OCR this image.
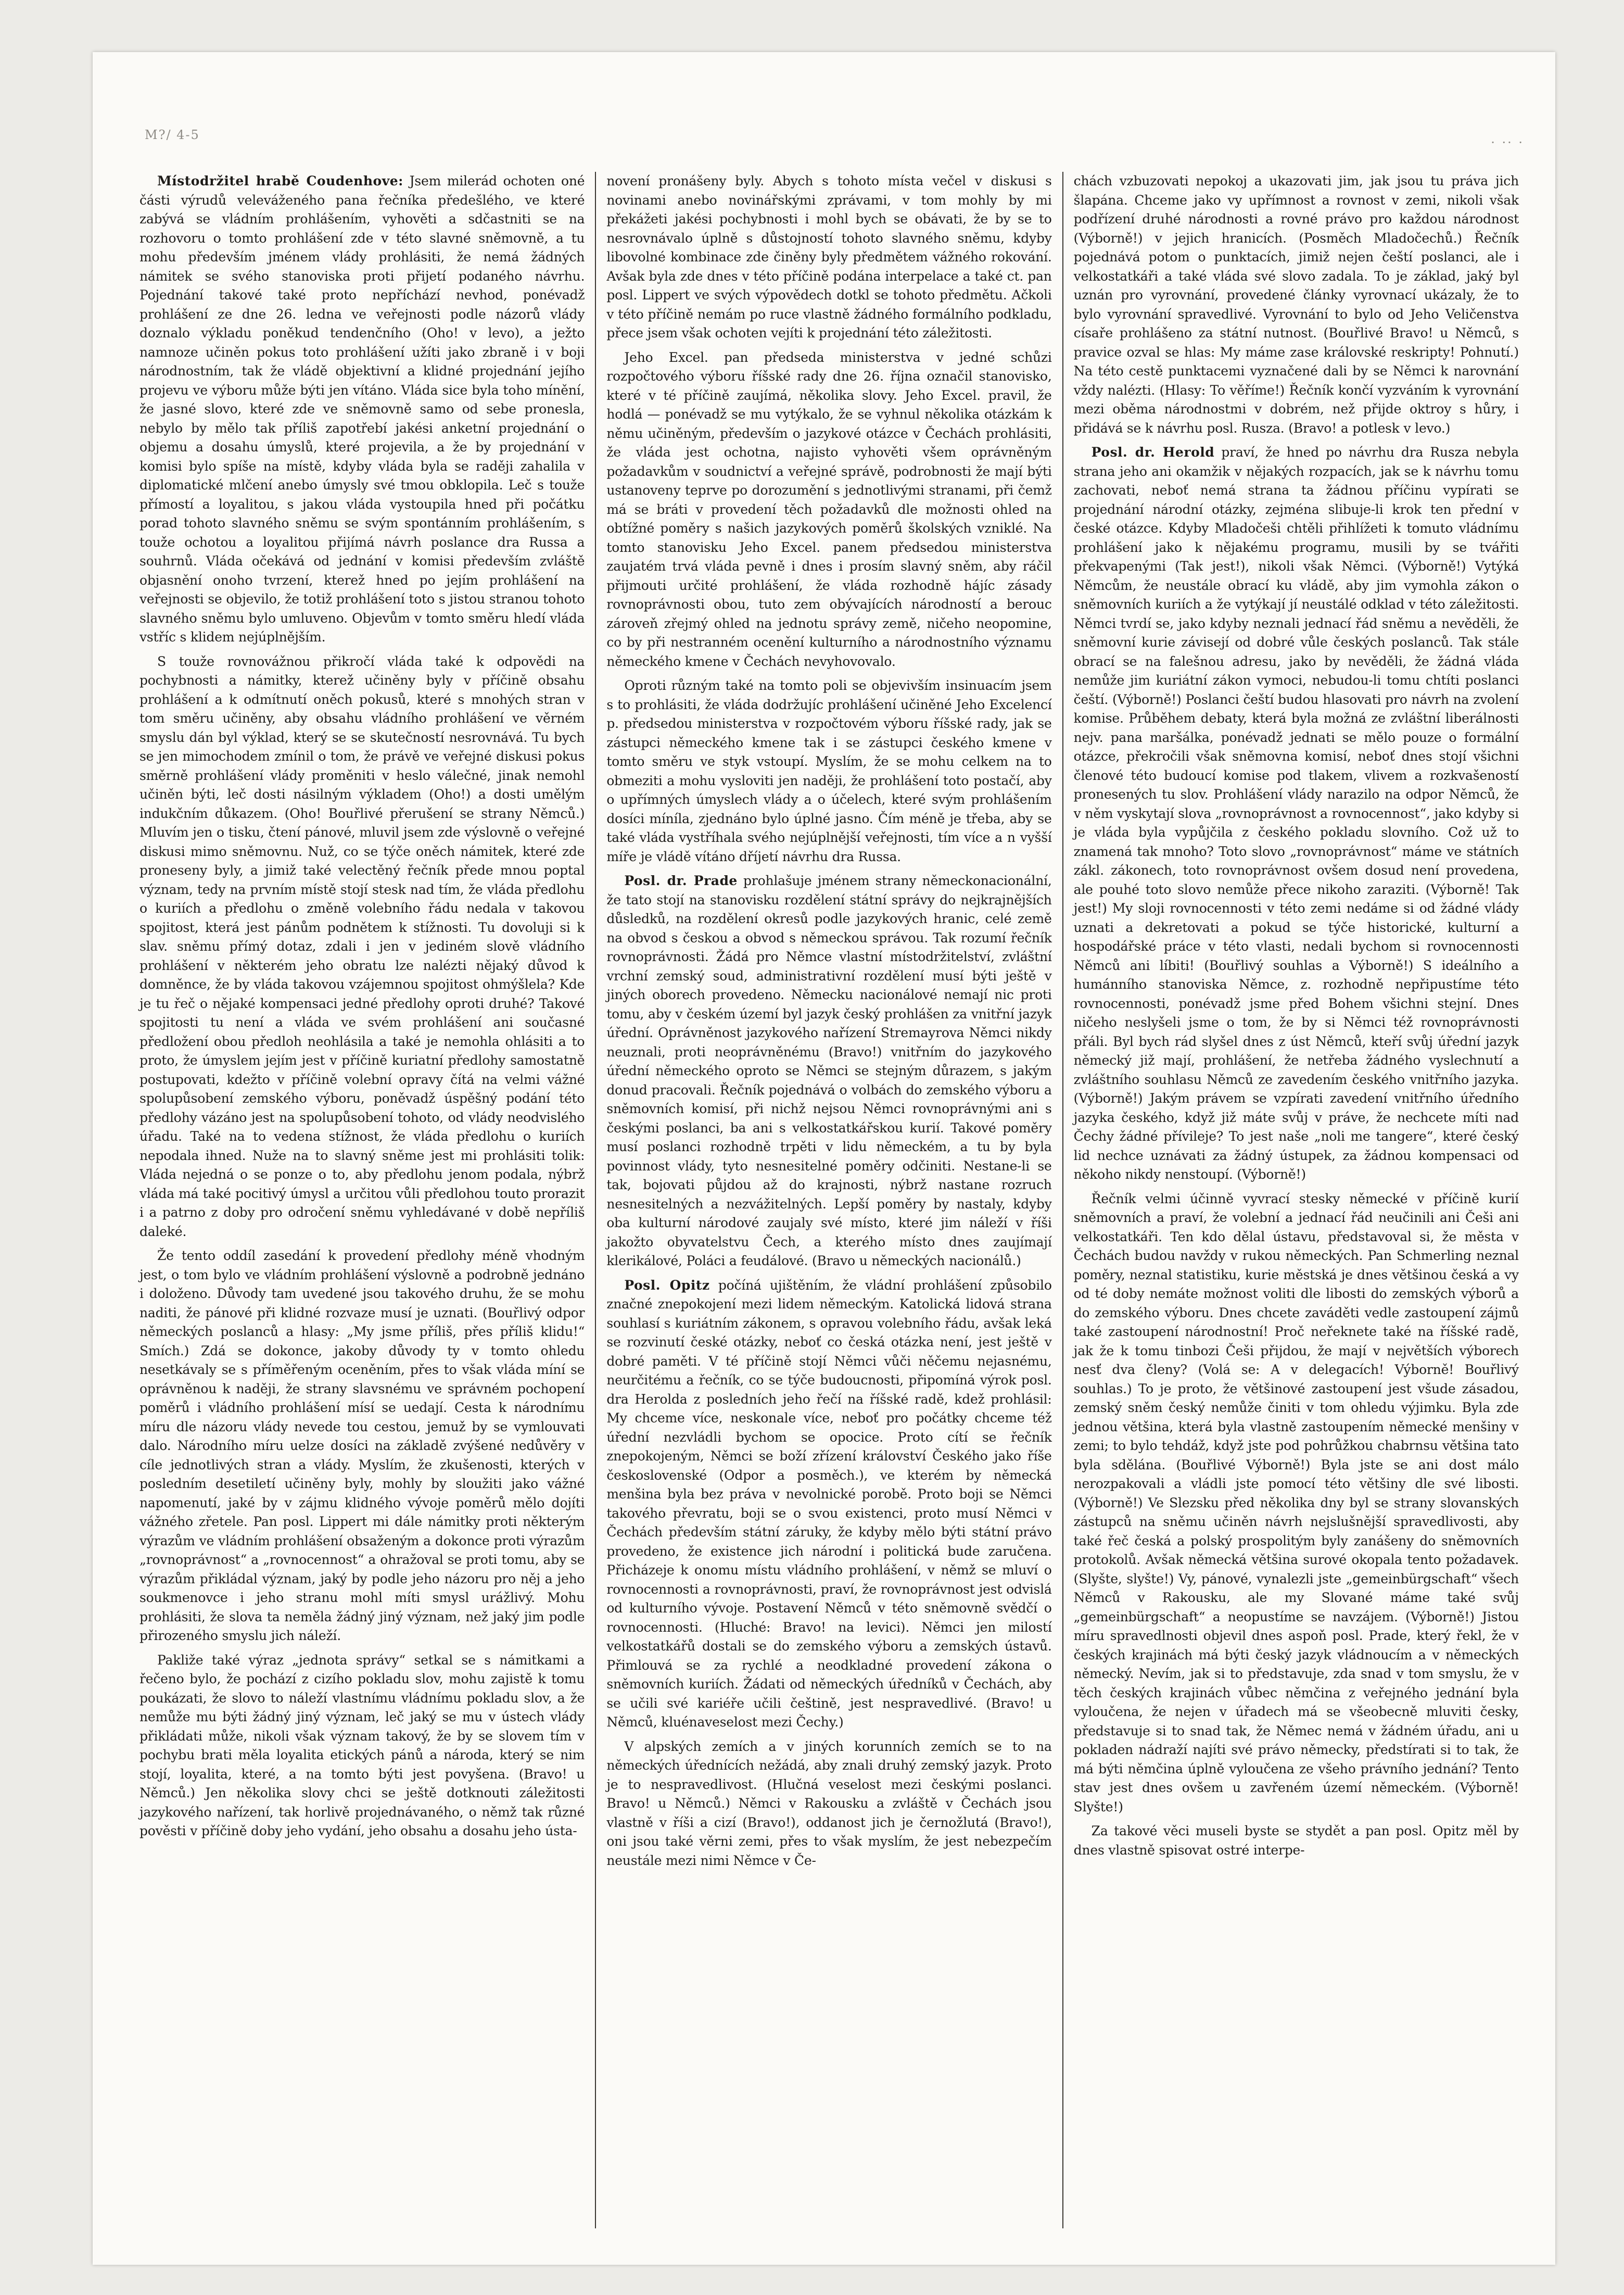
M?/ 4-5
· ·· ·

Místodržitel hrabě Coudenhove: Jsem milerád ochoten oné části výrudů veleváženého pana řečníka předešlého, ve které zabývá se vládním prohlášením, vyhověti a sdčastniti se na rozhovoru o tomto prohlášení zde v této slavné sněmovně, a tu mohu především jménem vlády prohlásiti, že nemá žádných námitek se svého stanoviska proti přijetí podaného návrhu. Pojednání takové také proto nepříchází nevhod, ponévadž prohlášení ze dne 26. ledna ve veřejnosti podle názorů vlády doznalo výkladu poněkud tendenčního (Oho! v levo), a ježto namnoze učiněn pokus toto prohlášení užíti jako zbraně i v boji národnostním, tak že vládě objektivní a klidné projednání jejího projevu ve výboru může býti jen vítáno. Vláda sice byla toho mínění, že jasné slovo, které zde ve sněmovně samo od sebe pronesla, nebylo by mělo tak příliš zapotřebí jakési anketní projednání o objemu a dosahu úmyslů, které projevila, a že by projednání v komisi bylo spíše na místě, kdyby vláda byla se raději zahalila v diplomatické mlčení anebo úmysly své tmou obklopila. Leč s touže přímostí a loyalitou, s jakou vláda vystoupila hned při počátku porad tohoto slavného sněmu se svým spontánním prohlášením, s touže ochotou a loyalitou přijímá návrh poslance dra Russa a souhrnů. Vláda očekává od jednání v komisi především zvláště objasnění onoho tvrzení, kterež hned po jejím prohlášení na veřejnosti se objevilo, že totiž prohlášení toto s jistou stranou tohoto slavného sněmu bylo umluveno. Objevům v tomto směru hledí vláda vstříc s klidem nejúplnějším.

S touže rovnovážnou přikročí vláda také k odpovědi na pochybnosti a námitky, kterež učiněny byly v příčině obsahu prohlášení a k odmítnutí oněch pokusů, které s mnohých stran v tom směru učiněny, aby obsahu vládního prohlášení ve věrném smyslu dán byl výklad, který se se skutečností nesrovnává. Tu bych se jen mimochodem zmínil o tom, že právě ve veřejné diskusi pokus směrně prohlášení vlády proměniti v heslo válečné, jinak nemohl učiněn býti, leč dosti násilným výkladem (Oho!) a dosti umělým indukčním důkazem. (Oho! Bouřlivé přerušení se strany Němců.) Mluvím jen o tisku, čtení pánové, mluvil jsem zde výslovně o veřejné diskusi mimo sněmovnu. Nuž, co se týče oněch námitek, které zde proneseny byly, a jimiž také velectěný řečník přede mnou poptal význam, tedy na prvním místě stojí stesk nad tím, že vláda předlohu o kuriích a předlohu o změně volebního řádu nedala v takovou spojitost, která jest pánům podnětem k stížnosti. Tu dovoluji si k slav. sněmu přímý dotaz, zdali i jen v jediném slově vládního prohlášení v některém jeho obratu lze nalézti nějaký důvod k domněnce, že by vláda takovou vzájemnou spojitost ohmýšlela? Kde je tu řeč o nějaké kompensaci jedné předlohy oproti druhé? Takové spojitosti tu není a vláda ve svém prohlášení ani současné předložení obou předloh neohlásila a také je nemohla ohlásiti a to proto, že úmyslem jejím jest v příčině kuriatní předlohy samostatně postupovati, kdežto v příčině volební opravy čítá na velmi vážné spolupůsobení zemského výboru, poněvadž úspěšný podání této předlohy vázáno jest na spolupůsobení tohoto, od vlády neodvislého úřadu. Také na to vedena stížnost, že vláda předlohu o kuriích nepodala ihned. Nuže na to slavný sněme jest mi prohlásiti tolik: Vláda nejedná o se ponze o to, aby předlohu jenom podala, nýbrž vláda má také pocitivý úmysl a určitou vůli předlohou touto prorazit i a patrno z doby pro odročení sněmu vyhledávané v době nepříliš daleké.

Že tento oddíl zasedání k provedení předlohy méně vhodným jest, o tom bylo ve vládním prohlášení výslovně a podrobně jednáno i doloženo. Důvody tam uvedené jsou takového druhu, že se mohu naditi, že pánové při klidné rozvaze musí je uznati. (Bouřlivý odpor německých poslanců a hlasy: „My jsme příliš, přes příliš klidu!“ Smích.) Zdá se dokonce, jakoby důvody ty v tomto ohledu nesetkávaly se s příměřeným oceněním, přes to však vláda míní se oprávněnou k naději, že strany slavsnému ve správném pochopení poměrů i vládního prohlášení mísí se uedají. Cesta k národnímu míru dle názoru vlády nevede tou cestou, jemuž by se vymlouvati dalo. Národního míru uelze dosíci na základě zvýšené nedůvěry v cíle jednotlivých stran a vlády. Myslím, že zkušenosti, kterých v posledním desetiletí učiněny byly, mohly by sloužiti jako vážné napomenutí, jaké by v zájmu klidného vývoje poměrů mělo dojíti vážného zřetele. Pan posl. Lippert mi dále námitky proti některým výrazům ve vládním prohlášení obsaženým a dokonce proti výrazům „rovnoprávnost“ a „rovnocennost“ a ohražoval se proti tomu, aby se výrazům přikládal význam, jaký by podle jeho názoru pro něj a jeho soukmenovce i jeho stranu mohl míti smysl urážlivý. Mohu prohlásiti, že slova ta neměla žádný jiný význam, než jaký jim podle přirozeného smyslu jich náleží.

Pakliže také výraz „jednota správy“ setkal se s námitkami a řečeno bylo, že pochází z cizího pokladu slov, mohu zajistě k tomu poukázati, že slovo to náleží vlastnímu vládnímu pokladu slov, a že nemůže mu býti žádný jiný význam, leč jaký se mu v ústech vlády přikládati může, nikoli však význam takový, že by se slovem tím v pochybu brati měla loyalita etických pánů a národa, který se nim stojí, loyalita, které, a na tomto býti jest povyšena. (Bravo! u Němců.) Jen několika slovy chci se ještě dotknouti záležitosti jazykového nařízení, tak horlivě projednávaného, o němž tak různé pověsti v příčině doby jeho vydání, jeho obsahu a dosahu jeho ústa-

novení pronášeny byly. Abych s tohoto místa večel v diskusi s novinami anebo novinářskými zprávami, v tom mohly by mi překážeti jakési pochybnosti i mohl bych se obávati, že by se to nesrovnávalo úplně s důstojností tohoto slavného sněmu, kdyby libovolné kombinace zde činěny byly předmětem vážného rokování. Avšak byla zde dnes v této příčině podána interpelace a také ct. pan posl. Lippert ve svých výpovědech dotkl se tohoto předmětu. Ačkoli v této příčině nemám po ruce vlastně žádného formálního podkladu, přece jsem však ochoten vejíti k projednání této záležitosti.

Jeho Excel. pan předseda ministerstva v jedné schůzi rozpočtového výboru říšské rady dne 26. října označil stanovisko, které v té příčině zaujímá, několika slovy. Jeho Excel. pravil, že hodlá — ponévadž se mu vytýkalo, že se vyhnul několika otázkám k němu učiněným, především o jazykové otázce v Čechách prohlásiti, že vláda jest ochotna, najisto vyhověti všem oprávněným požadavkům v soudnictví a veřejné správě, podrobnosti že mají býti ustanoveny teprve po dorozumění s jednotlivými stranami, při čemž má se bráti v provedení těch požadavků dle možnosti ohled na obtížné poměry s našich jazykových poměrů školských vzniklé. Na tomto stanovisku Jeho Excel. panem předsedou ministerstva zaujatém trvá vláda pevně i dnes i prosím slavný sněm, aby ráčil přijmouti určité prohlášení, že vláda rozhodně hájíc zásady rovnoprávnosti obou, tuto zem obývajících národností a berouc zároveň zřejmý ohled na jednotu správy země, ničeho neopomine, co by při nestranném ocenění kulturního a národnostního významu německého kmene v Čechách nevyhovovalo.

Oproti různým také na tomto poli se objevivším insinuacím jsem s to prohlásiti, že vláda dodržujíc prohlášení učiněné Jeho Excelencí p. předsedou ministerstva v rozpočtovém výboru říšské rady, jak se zástupci německého kmene tak i se zástupci českého kmene v tomto směru ve styk vstoupí. Myslím, že se mohu celkem na to obmeziti a mohu vysloviti jen naději, že prohlášení toto postačí, aby o upřímných úmyslech vlády a o účelech, které svým prohlášením dosíci míníla, zjednáno bylo úplné jasno. Čím méně je třeba, aby se také vláda vystříhala svého nejúplnější veřejnosti, tím více a n vyšší míře je vládě vítáno dříjetí návrhu dra Russa.

Posl. dr. Prade prohlašuje jménem strany německonacionální, že tato stojí na stanovisku rozdělení státní správy do nejkrajnějších důsledků, na rozdělení okresů podle jazykových hranic, celé země na obvod s českou a obvod s německou správou. Tak rozumí řečník rovnoprávnosti. Žádá pro Němce vlastní místodržitelství, zvláštní vrchní zemský soud, administrativní rozdělení musí býti ještě v jiných oborech provedeno. Německu nacionálové nemají nic proti tomu, aby v českém území byl jazyk český prohlášen za vnitřní jazyk úřední. Oprávněnost jazykového nařízení Stremayrova Němci nikdy neuznali, proti neoprávněnému (Bravo!) vnitřním do jazykového úřední německého oproto se Němci se stejným důrazem, s jakým donud pracovali. Řečník pojednává o volbách do zemského výboru a sněmovních komisí, při nichž nejsou Němci rovnoprávnými ani s českými poslanci, ba ani s velkostatkářskou kurií. Takové poměry musí poslanci rozhodně trpěti v lidu německém, a tu by byla povinnost vlády, tyto nesnesitelné poměry odčiniti. Nestane-li se tak, bojovati půjdou až do krajnosti, nýbrž nastane rozruch nesnesitelných a nezvážitelných. Lepší poměry by nastaly, kdyby oba kulturní národové zaujaly své místo, které jim náleží v říši jakožto obyvatelstvu Čech, a kterého místo dnes zaujímají klerikálové, Poláci a feudálové. (Bravo u německých nacionálů.)

Posl. Opitz počíná ujištěním, že vládní prohlášení způsobilo značné znepokojení mezi lidem německým. Katolická lidová strana souhlasí s kuriátním zákonem, s opravou volebního řádu, avšak leká se rozvinutí české otázky, neboť co česká otázka není, jest ještě v dobré paměti. V té příčině stojí Němci vůči něčemu nejasnému, neurčitému a řečník, co se týče budoucnosti, připomíná výrok posl. dra Herolda z posledních jeho řečí na říšské radě, kdež prohlásil: My chceme více, neskonale více, neboť pro počátky chceme též úřední nezvládli bychom se opocice. Proto cítí se řečník znepokojeným, Němci se boží zřízení království Českého jako říše československé (Odpor a posměch.), ve kterém by německá menšina byla bez práva v nevolnické porobě. Proto boji se Němci takového převratu, boji se o svou existenci, proto musí Němci v Čechách především státní záruky, že kdyby mělo býti státní právo provedeno, že existence jich národní i politická bude zaručena. Přicházeje k onomu místu vládního prohlášení, v němž se mluví o rovnocennosti a rovnoprávnosti, praví, že rovnoprávnost jest odvislá od kulturního vývoje. Postavení Němců v této sněmovně svědčí o rovnocennosti. (Hluché: Bravo! na levici). Němci jen milostí velkostatkářů dostali se do zemského výboru a zemských ústavů. Přimlouvá se za rychlé a neodkladné provedení zákona o sněmovních kuriích. Žádati od německých úředníků v Čechách, aby se učili své kariéře učili češtině, jest nespravedlivé. (Bravo! u Němců, kluénaveselost mezi Čechy.)

V alpských zemích a v jiných korunních zemích se to na německých úřednících nežádá, aby znali druhý zemský jazyk. Proto je to nespravedlivost. (Hlučná veselost mezi českými poslanci. Bravo! u Němců.) Němci v Rakousku a zvláště v Čechách jsou vlastně v říši a cizí (Bravo!), oddanost jich je černožlutá (Bravo!), oni jsou také věrni zemi, přes to však myslím, že jest nebezpečím neustále mezi nimi Němce v Če-

chách vzbuzovati nepokoj a ukazovati jim, jak jsou tu práva jich šlapána. Chceme jako vy upřímnost a rovnost v zemi, nikoli však podřízení druhé národnosti a rovné právo pro každou národnost (Výborně!) v jejich hranicích. (Posměch Mladočechů.) Řečník pojednává potom o punktacích, jimiž nejen čeští poslanci, ale i velkostatkáři a také vláda své slovo zadala. To je základ, jaký byl uznán pro vyrovnání, provedené články vyrovnací ukázaly, že to bylo vyrovnání spravedlivé. Vyrovnání to bylo od Jeho Veličenstva císaře prohlášeno za státní nutnost. (Bouřlivé Bravo! u Němců, s pravice ozval se hlas: My máme zase královské reskripty! Pohnutí.) Na této cestě punktacemi vyznačené dali by se Němci k narovnání vždy nalézti. (Hlasy: To věříme!) Řečník končí vyzváním k vyrovnání mezi oběma národnostmi v dobrém, než přijde oktroy s hůry, i přidává se k návrhu posl. Rusza. (Bravo! a potlesk v levo.)

Posl. dr. Herold praví, že hned po návrhu dra Rusza nebyla strana jeho ani okamžik v nějakých rozpacích, jak se k návrhu tomu zachovati, neboť nemá strana ta žádnou příčinu vypírati se projednání národní otázky, zejména slibuje-li krok ten přední v české otázce. Kdyby Mladočeši chtěli přihlížeti k tomuto vládnímu prohlášení jako k nějakému programu, musili by se tvářiti překvapenými (Tak jest!), nikoli však Němci. (Výborně!) Vytýká Němcům, že neustále obrací ku vládě, aby jim vymohla zákon o sněmovních kuriích a že vytýkají jí neustálé odklad v této záležitosti. Němci tvrdí se, jako kdyby neznali jednací řád sněmu a nevěděli, že sněmovní kurie závisejí od dobré vůle českých poslanců. Tak stále obrací se na falešnou adresu, jako by nevěděli, že žádná vláda nemůže jim kuriátní zákon vymoci, nebudou-li tomu chtíti poslanci čeští. (Výborně!) Poslanci čeští budou hlasovati pro návrh na zvolení komise. Průběhem debaty, která byla možná ze zvláštní liberálnosti nejv. pana maršálka, ponévadž jednati se mělo pouze o formální otázce, překročili však sněmovna komisí, neboť dnes stojí všichni členové této budoucí komise pod tlakem, vlivem a rozkvašeností pronesených tu slov. Prohlášení vlády narazilo na odpor Němců, že v něm vyskytají slova „rovnoprávnost a rovnocennost“, jako kdyby si je vláda byla vypůjčila z českého pokladu slovního. Což už to znamená tak mnoho? Toto slovo „rovnoprávnost“ máme ve státních zákl. zákonech, toto rovnoprávnost ovšem dosud není provedena, ale pouhé toto slovo nemůže přece nikoho zaraziti. (Výborně! Tak jest!) My sloji rovnocennosti v této zemi nedáme si od žádné vlády uznati a dekretovati a pokud se týče historické, kulturní a hospodářské práce v této vlasti, nedali bychom si rovnocennosti Němců ani líbiti! (Bouřlivý souhlas a Výborně!) S ideálního a humánního stanoviska Němce, z. rozhodně nepřipustíme této rovnocennosti, ponévadž jsme před Bohem všichni stejní. Dnes ničeho neslyšeli jsme o tom, že by si Němci též rovnoprávnosti přáli. Byl bych rád slyšel dnes z úst Němců, kteří svůj úřední jazyk německý již mají, prohlášení, že netřeba žádného vyslechnutí a zvláštního souhlasu Němců ze zavedením českého vnitřního jazyka. (Výborně!) Jakým právem se vzpírati zavedení vnitřního úředního jazyka českého, když již máte svůj v práve, že nechcete míti nad Čechy žádné přívileje? To jest naše „noli me tangere“, které český lid nechce uznávati za žádný ústupek, za žádnou kompensaci od někoho nikdy nenstoupí. (Výborně!)

Řečník velmi účinně vyvrací stesky německé v příčině kurií sněmovních a praví, že volební a jednací řád neučinili ani Češi ani velkostatkáři. Ten kdo dělal ústavu, představoval si, že města v Čechách budou navždy v rukou německých. Pan Schmerling neznal poměry, neznal statistiku, kurie městská je dnes většinou česká a vy od té doby nemáte možnost voliti dle libosti do zemských výborů a do zemského výboru. Dnes chcete zaváděti vedle zastoupení zájmů také zastoupení národnostní! Proč neřeknete také na říšské radě, jak že k tomu tinbozi Češi přijdou, že mají v největších výborech nesť dva členy? (Volá se: A v delegacích! Výborně! Bouřlivý souhlas.) To je proto, že většinové zastoupení jest všude zásadou, zemský sněm český nemůže činiti v tom ohledu výjimku. Byla zde jednou většina, která byla vlastně zastoupením německé menšiny v zemi; to bylo tehdáž, když jste pod pohrůžkou chabrnsu většina tato byla sdělána. (Bouřlivé Výborně!) Byla jste se ani dost málo nerozpakovali a vládli jste pomocí této většiny dle své libosti. (Výborně!) Ve Slezsku před několika dny byl se strany slovanských zástupců na sněmu učiněn návrh nejslušnější spravedlivosti, aby také řeč česká a polský prospolitým byly zanášeny do sněmovních protokolů. Avšak německá většina surové okopala tento požadavek. (Slyšte, slyšte!) Vy, pánové, vynalezli jste „gemeinbürgschaft“ všech Němců v Rakousku, ale my Slované máme také svůj „gemeinbürgschaft“ a neopustíme se navzájem. (Výborně!) Jistou míru spravedlnosti objevil dnes aspoň posl. Prade, který řekl, že v českých krajinách má býti český jazyk vládnoucím a v německých německý. Nevím, jak si to představuje, zda snad v tom smyslu, že v těch českých krajinách vůbec němčina z veřejného jednání byla vyloučena, že nejen v úřadech má se všeobecně mluviti česky, představuje si to snad tak, že Němec nemá v žádném úřadu, ani u pokladen nádraží najíti své právo německy, předstírati si to tak, že má býti němčina úplně vyloučena ze všeho právního jednání? Tento stav jest dnes ovšem u zavřeném území německém. (Výborně! Slyšte!)

Za takové věci museli byste se stydět a pan posl. Opitz měl by dnes vlastně spisovat ostré interpe-
